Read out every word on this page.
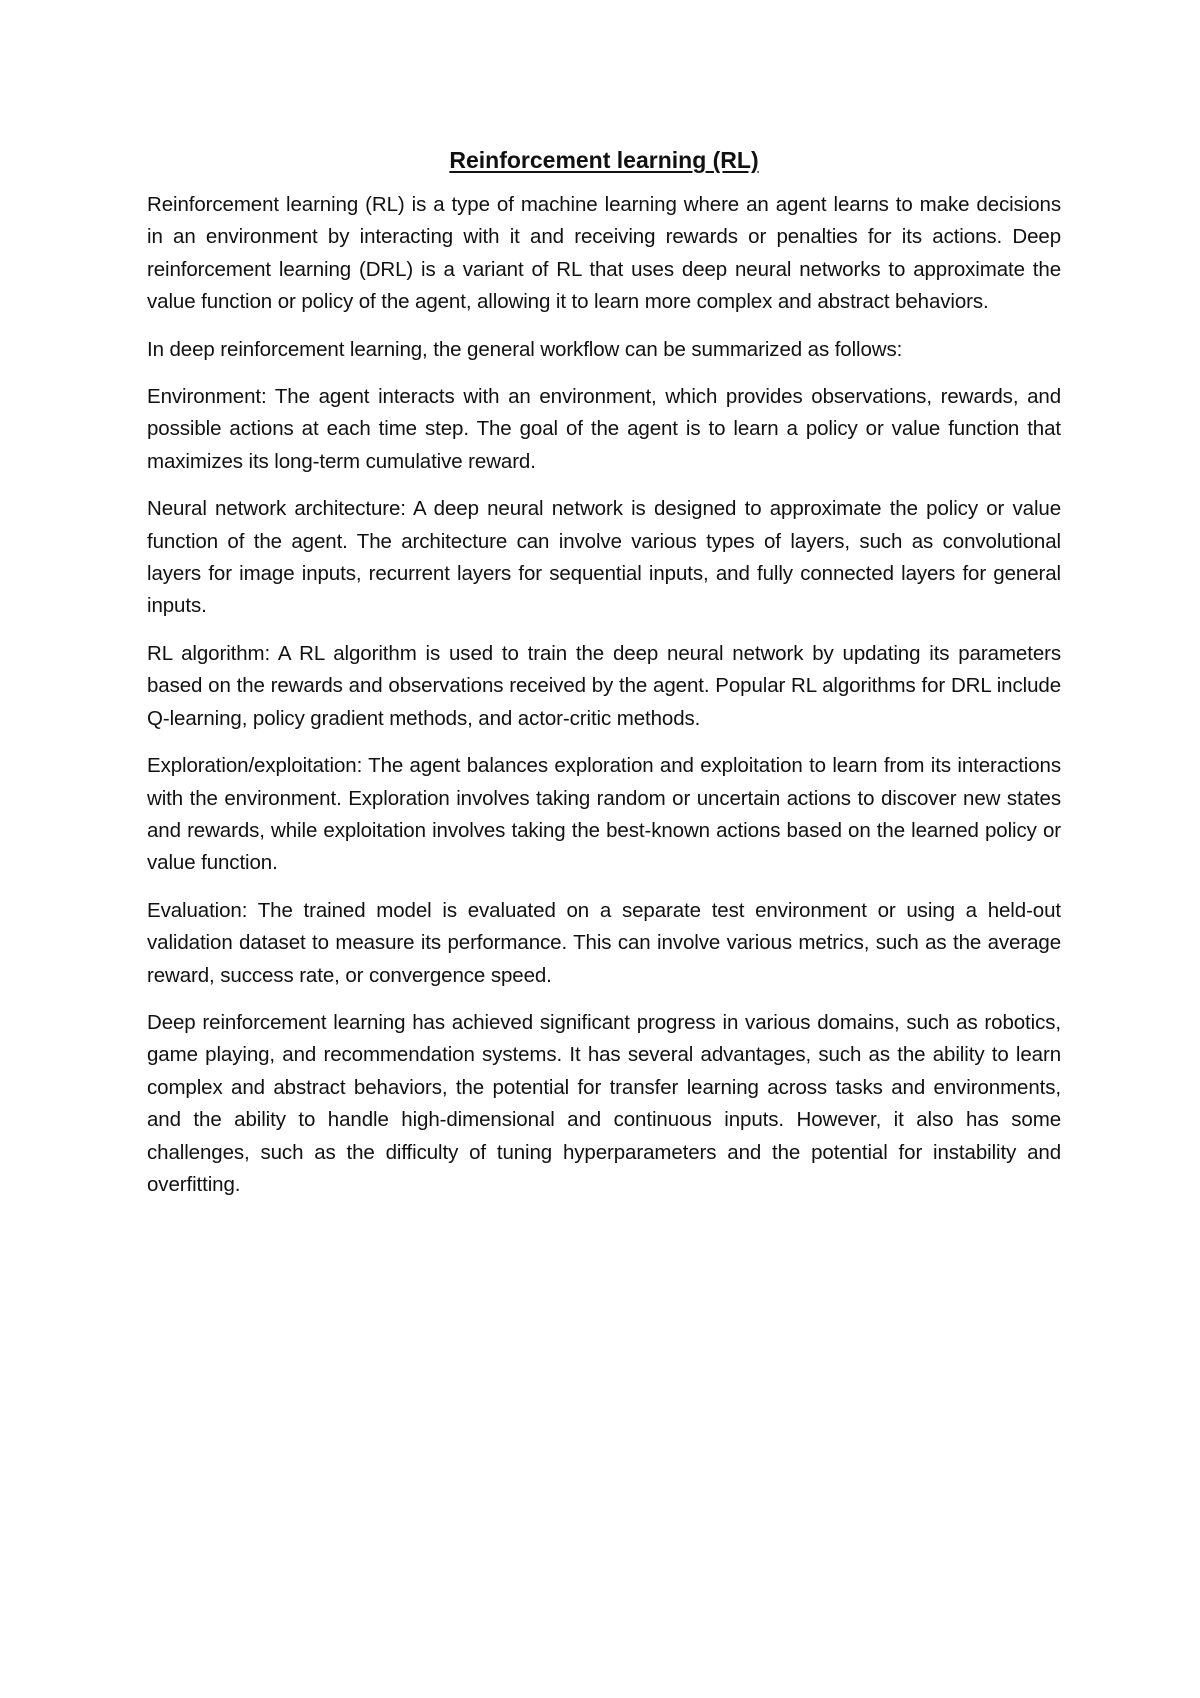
Reinforcement learning (RL)

Reinforcement learning (RL) is a type of machine learning where an agent learns to make decisions in an environment by interacting with it and receiving rewards or penalties for its actions. Deep reinforcement learning (DRL) is a variant of RL that uses deep neural networks to approximate the value function or policy of the agent, allowing it to learn more complex and abstract behaviors.

In deep reinforcement learning, the general workflow can be summarized as follows:

Environment: The agent interacts with an environment, which provides observations, rewards, and possible actions at each time step. The goal of the agent is to learn a policy or value function that maximizes its long-term cumulative reward.

Neural network architecture: A deep neural network is designed to approximate the policy or value function of the agent. The architecture can involve various types of layers, such as convolutional layers for image inputs, recurrent layers for sequential inputs, and fully connected layers for general inputs.

RL algorithm: A RL algorithm is used to train the deep neural network by updating its parameters based on the rewards and observations received by the agent. Popular RL algorithms for DRL include Q-learning, policy gradient methods, and actor-critic methods.

Exploration/exploitation: The agent balances exploration and exploitation to learn from its interactions with the environment. Exploration involves taking random or uncertain actions to discover new states and rewards, while exploitation involves taking the best-known actions based on the learned policy or value function.

Evaluation: The trained model is evaluated on a separate test environment or using a held-out validation dataset to measure its performance. This can involve various metrics, such as the average reward, success rate, or convergence speed.

Deep reinforcement learning has achieved significant progress in various domains, such as robotics, game playing, and recommendation systems. It has several advantages, such as the ability to learn complex and abstract behaviors, the potential for transfer learning across tasks and environments, and the ability to handle high-dimensional and continuous inputs. However, it also has some challenges, such as the difficulty of tuning hyperparameters and the potential for instability and overfitting.
